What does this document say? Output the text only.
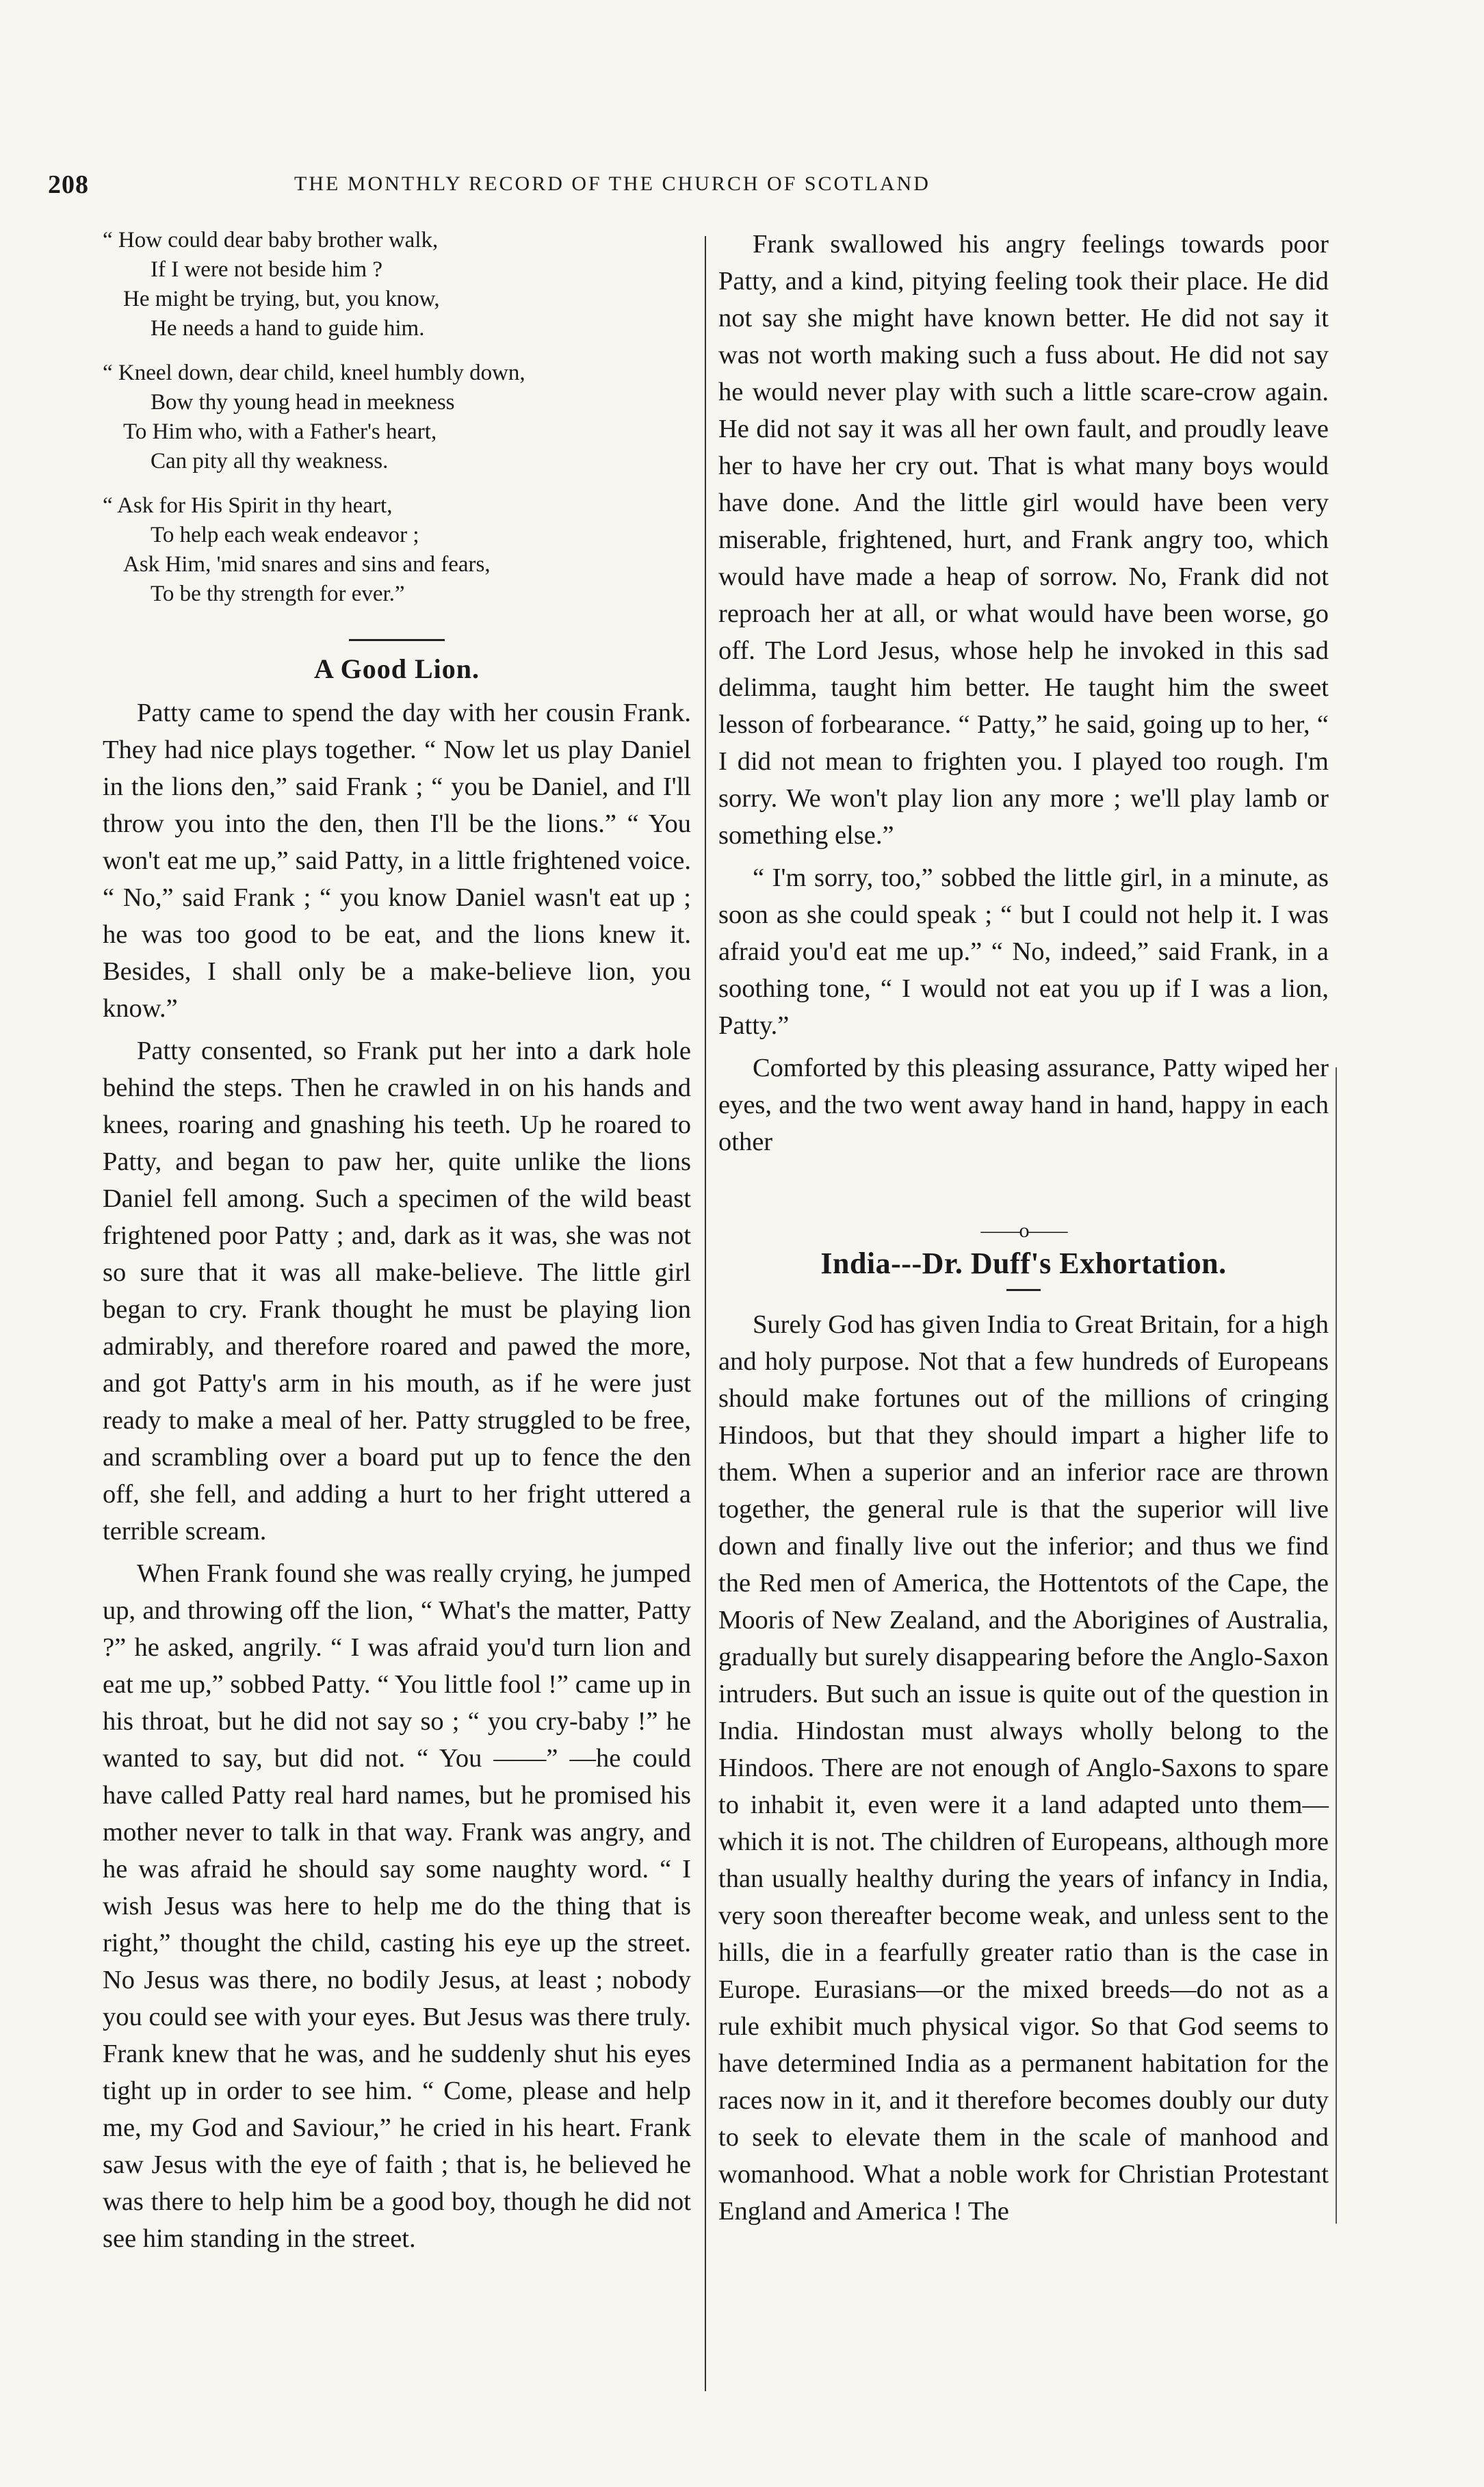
208	THE MONTHLY RECORD OF THE CHURCH OF SCOTLAND
“ How could dear baby brother walk,
If I were not beside him ?
He might be trying, but, you know,
He needs a hand to guide him.
“ Kneel down, dear child, kneel humbly down,
Bow thy young head in meekness
To Him who, with a Father's heart,
Can pity all thy weakness.
“ Ask for His Spirit in thy heart,
To help each weak endeavor ;
Ask Him, 'mid snares and sins and fears,
To be thy strength for ever.”
A Good Lion.

Patty came to spend the day with her cousin Frank. They had nice plays together. “ Now let us play Daniel in the lions den,” said Frank ; “ you be Daniel, and I'll throw you into the den, then I'll be the lions.” “ You won't eat me up,” said Patty, in a little frightened voice. “ No,” said Frank ; “ you know Daniel wasn't eat up ; he was too good to be eat, and the lions knew it. Besides, I shall only be a make-believe lion, you know.”

Patty consented, so Frank put her into a dark hole behind the steps. Then he crawled in on his hands and knees, roaring and gnashing his teeth. Up he roared to Patty, and began to paw her, quite unlike the lions Daniel fell among. Such a specimen of the wild beast frightened poor Patty ; and, dark as it was, she was not so sure that it was all make-believe. The little girl began to cry. Frank thought he must be playing lion admirably, and therefore roared and pawed the more, and got Patty's arm in his mouth, as if he were just ready to make a meal of her. Patty struggled to be free, and scrambling over a board put up to fence the den off, she fell, and adding a hurt to her fright uttered a terrible scream.

When Frank found she was really crying, he jumped up, and throwing off the lion, “ What's the matter, Patty ?” he asked, angrily. “ I was afraid you'd turn lion and eat me up,” sobbed Patty. “ You little fool !” came up in his throat, but he did not say so ; “ you cry-baby !” he wanted to say, but did not. “ You ——” —he could have called Patty real hard names, but he promised his mother never to talk in that way. Frank was angry, and he was afraid he should say some naughty word. “ I wish Jesus was here to help me do the thing that is right,” thought the child, casting his eye up the street. No Jesus was there, no bodily Jesus, at least ; nobody you could see with your eyes. But Jesus was there truly. Frank knew that he was, and he suddenly shut his eyes tight up in order to see him. “ Come, please and help me, my God and Saviour,” he cried in his heart. Frank saw Jesus with the eye of faith ; that is, he believed he was there to help him be a good boy, though he did not see him standing in the street.

Frank swallowed his angry feelings towards poor Patty, and a kind, pitying feeling took their place. He did not say she might have known better. He did not say it was not worth making such a fuss about. He did not say he would never play with such a little scare-crow again. He did not say it was all her own fault, and proudly leave her to have her cry out. That is what many boys would have done. And the little girl would have been very miserable, frightened, hurt, and Frank angry too, which would have made a heap of sorrow. No, Frank did not reproach her at all, or what would have been worse, go off. The Lord Jesus, whose help he invoked in this sad delimma, taught him better. He taught him the sweet lesson of forbearance. “ Patty,” he said, going up to her, “ I did not mean to frighten you. I played too rough. I'm sorry. We won't play lion any more ; we'll play lamb or something else.”

“ I'm sorry, too,” sobbed the little girl, in a minute, as soon as she could speak ; “ but I could not help it. I was afraid you'd eat me up.” “ No, indeed,” said Frank, in a soothing tone, “ I would not eat you up if I was a lion, Patty.”

Comforted by this pleasing assurance, Patty wiped her eyes, and the two went away hand in hand, happy in each other

——o——
India---Dr. Duff's Exhortation.

Surely God has given India to Great Britain, for a high and holy purpose. Not that a few hundreds of Europeans should make fortunes out of the millions of cringing Hindoos, but that they should impart a higher life to them. When a superior and an inferior race are thrown together, the general rule is that the superior will live down and finally live out the inferior; and thus we find the Red men of America, the Hottentots of the Cape, the Mooris of New Zealand, and the Aborigines of Australia, gradually but surely disappearing before the Anglo-Saxon intruders. But such an issue is quite out of the question in India. Hindostan must always wholly belong to the Hindoos. There are not enough of Anglo-Saxons to spare to inhabit it, even were it a land adapted unto them—which it is not. The children of Europeans, although more than usually healthy during the years of infancy in India, very soon thereafter become weak, and unless sent to the hills, die in a fearfully greater ratio than is the case in Europe. Eurasians—or the mixed breeds—do not as a rule exhibit much physical vigor. So that God seems to have determined India as a permanent habitation for the races now in it, and it therefore becomes doubly our duty to seek to elevate them in the scale of manhood and womanhood. What a noble work for Christian Protestant England and America ! The
